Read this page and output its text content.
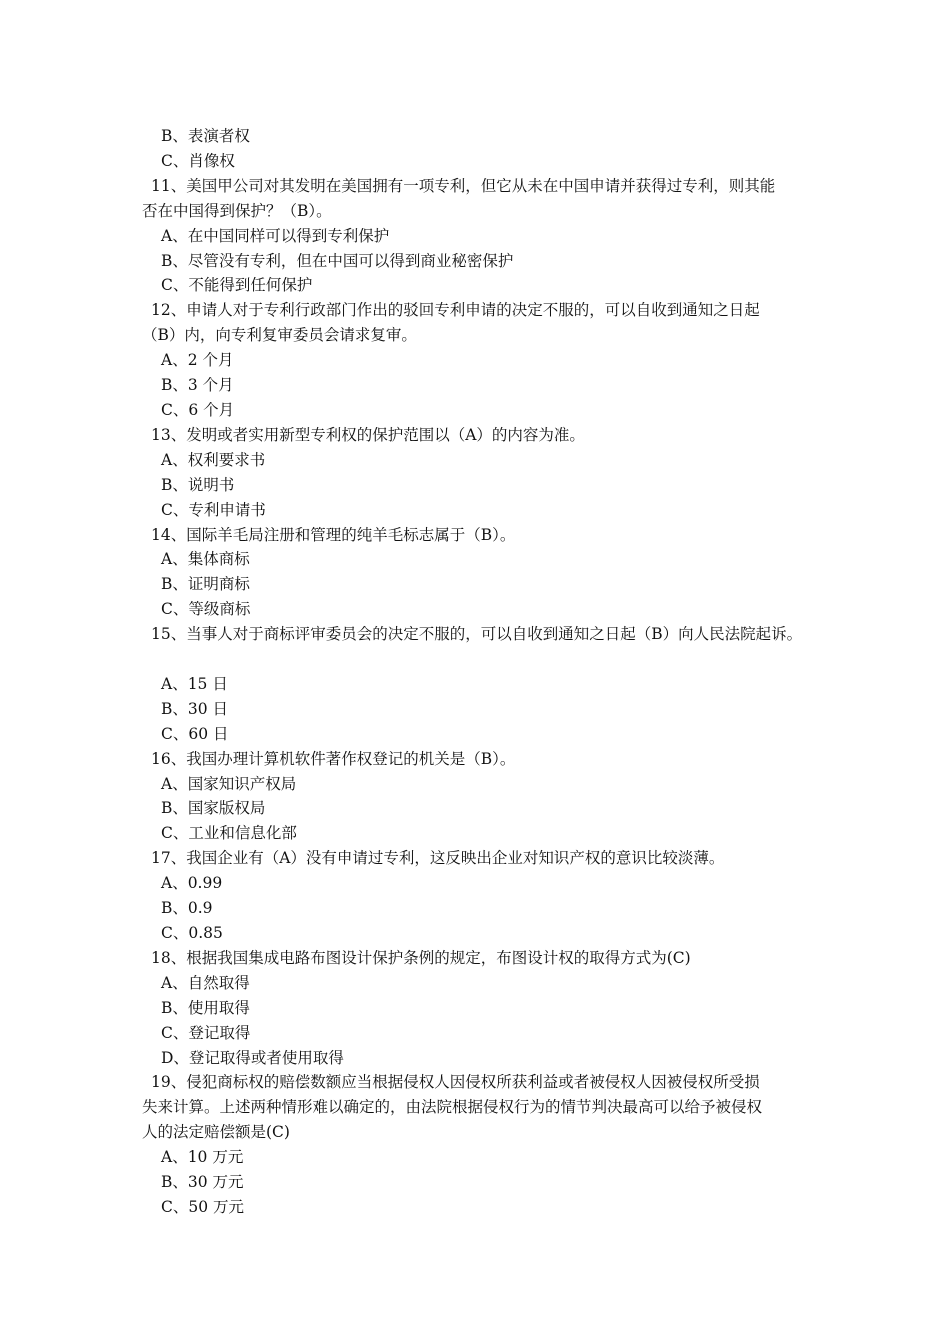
B、表演者权
C、肖像权
11、美国甲公司对其发明在美国拥有一项专利，但它从未在中国申请并获得过专利，则其能
否在中国得到保护？（B）。
A、在中国同样可以得到专利保护
B、尽管没有专利，但在中国可以得到商业秘密保护
C、不能得到任何保护
12、申请人对于专利行政部门作出的驳回专利申请的决定不服的，可以自收到通知之日起
（B）内，向专利复审委员会请求复审。
A、2 个月
B、3 个月
C、6 个月
13、发明或者实用新型专利权的保护范围以（A）的内容为准。
A、权利要求书
B、说明书
C、专利申请书
14、国际羊毛局注册和管理的纯羊毛标志属于（B）。
A、集体商标
B、证明商标
C、等级商标
15、当事人对于商标评审委员会的决定不服的，可以自收到通知之日起（B）向人民法院起诉。
A、15 日
B、30 日
C、60 日
16、我国办理计算机软件著作权登记的机关是（B）。
A、国家知识产权局
B、国家版权局
C、工业和信息化部
17、我国企业有（A）没有申请过专利，这反映出企业对知识产权的意识比较淡薄。
A、0.99
B、0.9
C、0.85
18、根据我国集成电路布图设计保护条例的规定，布图设计权的取得方式为(C)
A、自然取得
B、使用取得
C、登记取得
D、登记取得或者使用取得
19、侵犯商标权的赔偿数额应当根据侵权人因侵权所获利益或者被侵权人因被侵权所受损
失来计算。上述两种情形难以确定的，由法院根据侵权行为的情节判决最高可以给予被侵权
人的法定赔偿额是(C)
A、10 万元
B、30 万元
C、50 万元
